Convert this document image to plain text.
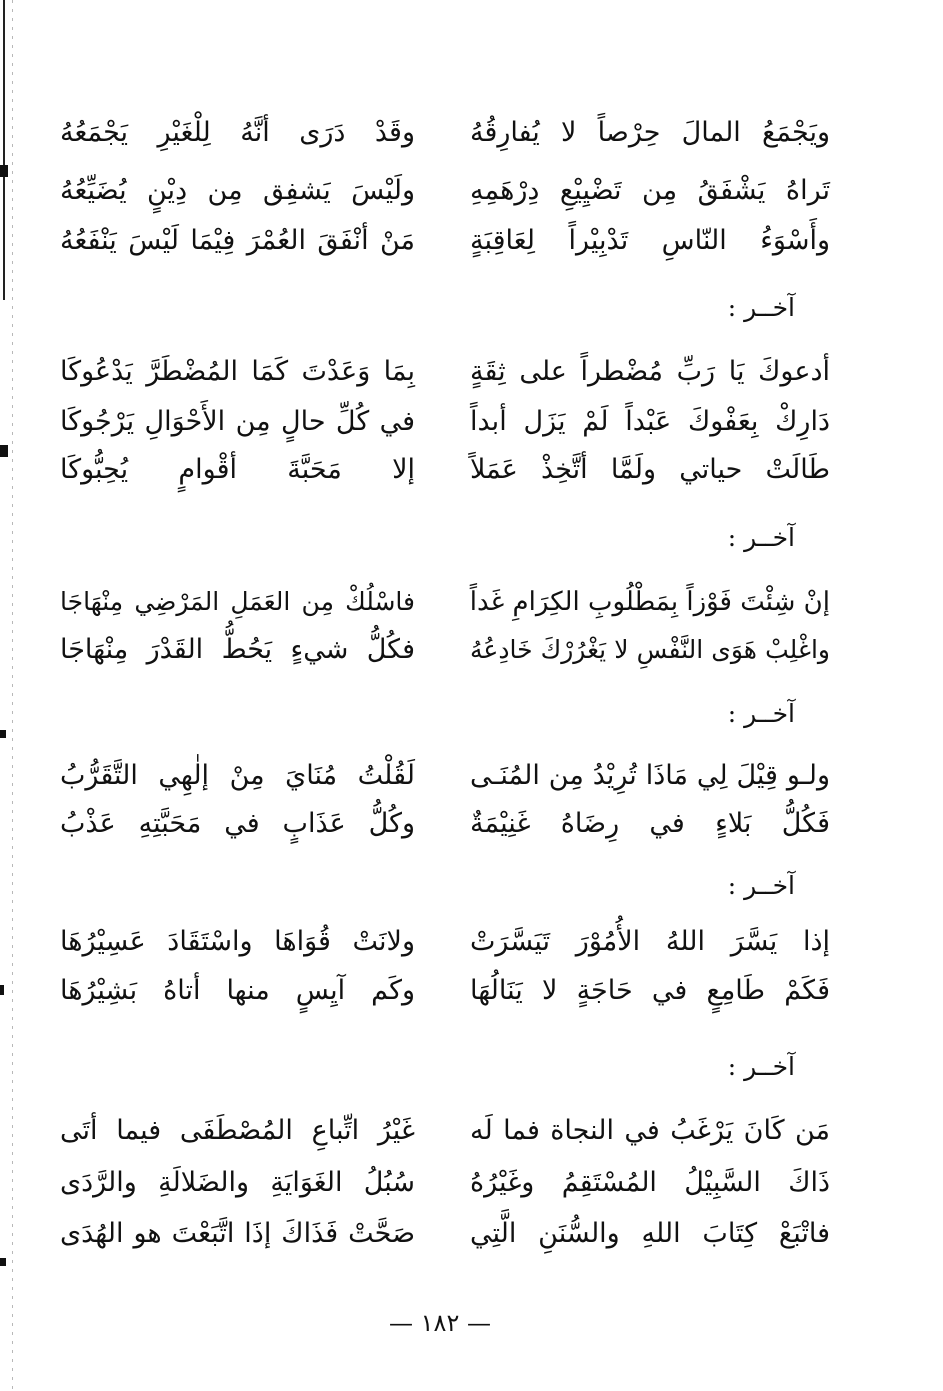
ويَجْمَعُ المالَ حِرْصاً لا يُفارِقُهُ
وقَدْ دَرَى أنَّهُ لِلْغَيْرِ يَجْمَعُهُ
تَراهُ يَشْفَقُ مِن تَضْيِيْعِ دِرْهَمِهِ
ولَيْسَ يَشفِق مِن دِيْنٍ يُضَيِّعُهُ
وأَسْوَءُ النّاسِ تَدْبِيْراً لِعَاقِبَةٍ
مَنْ أنْفَقَ العُمْرَ فِيْمَا لَيْسَ يَنْفَعُهُ
آخــر :
أدعوكَ يَا رَبِّ مُضْطراً على ثِقَةٍ
بِمَا وَعَدْتَ كَمَا المُضْطَرَّ يَدْعُوكَا
دَارِكْ بِعَفْوكَ عَبْداً لَمْ يَزَل أبداً
في كُلِّ حالٍ مِن الأَحْوَالِ يَرْجُوكَا
طَالَتْ حياتي ولَمَّا أتَّخِذْ عَمَلاً
إلا مَحَبَّةَ أقْوامٍ يُحِبُّوكَا
آخــر :
إنْ شِئْتَ فَوْزاً بِمَطْلُوبِ الكِرَامِ غَداً
فاسْلُكْ مِن العَمَلِ المَرْضِي مِنْهَاجَا
واغْلِبْ هَوَى النَّفْسِ لا يَغْرُرْكَ خَادِعُهُ
فكُلُّ شيءٍ يَحُطُّ القَدْرَ مِنْهَاجَا
آخــر :
ولـو قِيْلَ لِي مَاذَا تُرِيْدُ مِن المُنَـى
لَقُلْتُ مُنَايَ مِنْ إلٰهِي التَّقَرُّبُ
فَكُلُّ بَلاءٍ في رِضَاهُ غَنِيْمَةٌ
وكُلُّ عَذَابٍ في مَحَبَّتِهِ عَذْبُ
آخــر :
إذا يَسَّرَ اللهُ الأُمُوْرَ تَيَسَّرَتْ
ولانَتْ قُوَاهَا واسْتَقَادَ عَسِيْرُهَا
فَكَمْ طَامِعٍ في حَاجَةٍ لا يَنَالُهَا
وكَم آيِسٍ منها أتاهُ بَشِيْرُهَا
آخــر :
مَن كَانَ يَرْغَبُ في النجاة فما لَه
غَيْرُ اتِّباعِ المُصْطَفَى فيما أتَى
ذَاكَ السَّبِيْلُ المُسْتَقِمُ وغَيْرُهُ
سُبُلُ الغَوَايَةِ والضَلالَةِ والرَّدَى
فاتْبَعْ كِتَابَ اللهِ والسُّنَنِ الَّتِي
صَحَّتْ فَذَاكَ إذَا اتَّبَعْتَ هو الهُدَى
— ١٨٢ —
